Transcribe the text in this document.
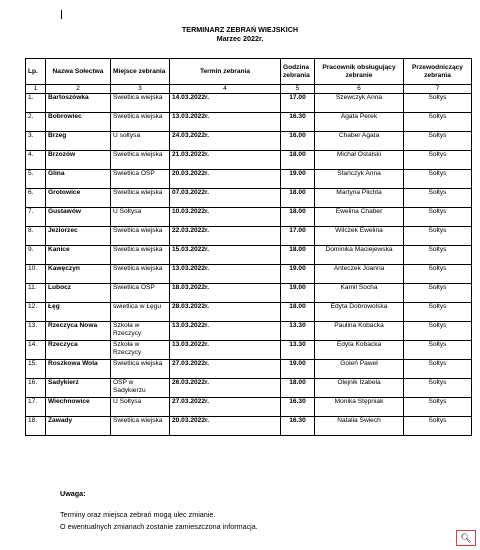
TERMINARZ ZEBRAŃ WIEJSKICH
Marzec 2022r.
Lp.	Nazwa Sołectwa	Miejsce zebrania	Termin zebrania	Godzina zebrania	Pracownik obsługujący zebranie	Przewodniczący zebrania
1	2	3	4	5	6	7
1.	Bartoszówka	Świetlica wiejska	14.03.2022r.	17.00	Szewczyk Anna	Sołtys
2.	Bobrowiec	Świetlica wiejska	13.03.2022r.	16.30	Agata Perek	Sołtys
3.	Brzeg	U sołtysa	24.03.2022r.	16.00	Chaber Agata	Sołtys
4.	Brzozów	Świetlica wiejska	21.03.2022r.	18.00	Michał Ostalski	Sołtys
5.	Glina	Świetlica OSP	20.03.2022r.	19.00	Stańczyk Anna	Sołtys
6.	Grotowice	Świetlica wiejska	07.03.2022r.	18.00	Martyna Plichta	Sołtys
7.	Gustawów	U Sołtysa	10.03.2022r.	18.00	Ewelina Chaber	Sołtys
8.	Jeziorzec	Świetlica wiejska	22.03.2022r.	17.00	Wilczek Ewelina	Sołtys
9.	Kanice	Świetlica wiejska	15.03.2022r.	18.00	Dominika Maciejewska	Sołtys
10.	Kawęczyn	Świetlica wiejska	13.03.2022r.	19.00	Anteczek Joanna	Sołtys
11.	Lubocz	Świetlica OSP	18.03.2022r.	19.00	Kamil Socha	Sołtys
12.	Łęg	świetlica w Łęgu	28.03.2022r.	18.00	Edyta Dobrowolska	Sołtys
13.	Rzeczyca Nowa	Szkoła w Rzeczycy	13.03.2022r.	13.30	Paulina Kobacka	Sołtys
14.	Rzeczyca	Szkoła w Rzeczycy	13.03.2022r.	13.30	Edyta Kobacka	Sołtys
15.	Roszkowa Wola	Świetlica wiejska	27.03.2022r.	19.00	Goleń Paweł	Sołtys
16.	Sadykierz	OSP w Sadykierzu	26.03.2022r.	18.00	Olejnik Izabela	Sołtys
17.	Wiechnowice	U Sołtysa	27.03.2022r.	16.30	Monika Stępniak	Sołtys
18.	Zawady	Świetlica wiejska	20.03.2022r.	16.30	Natalia Świech	Sołtys
Uwaga:
Terminy oraz miejsca zebrań mogą ulec zmianie.
O ewentualnych zmianach zostanie zamieszczona informacja.
🔍︎
